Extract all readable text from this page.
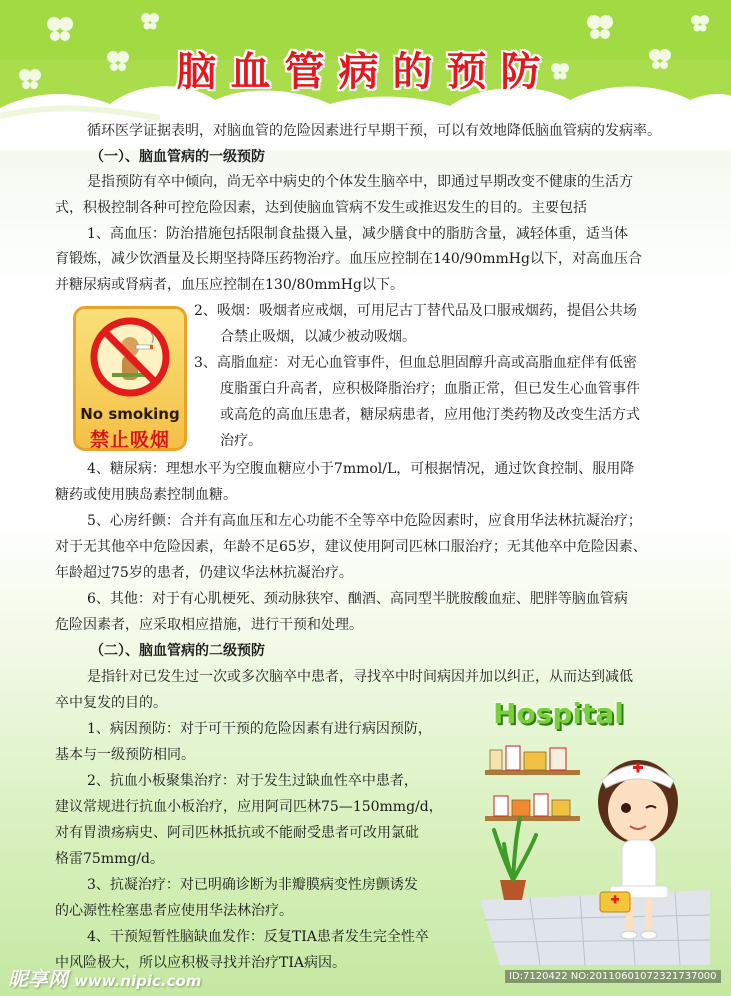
脑血管病的预防
循环医学证据表明，对脑血管的危险因素进行早期干预，可以有效地降低脑血管病的发病率。
（一）、脑血管病的一级预防
是指预防有卒中倾向，尚无卒中病史的个体发生脑卒中，即通过早期改变不健康的生活方
式，积极控制各种可控危险因素，达到使脑血管病不发生或推迟发生的目的。主要包括
1、高血压：防治措施包括限制食盐摄入量，减少膳食中的脂肪含量，减轻体重，适当体
育锻炼，减少饮酒量及长期坚持降压药物治疗。血压应控制在140/90mmHg以下，对高血压合
并糖尿病或肾病者，血压应控制在130/80mmHg以下。
No smoking
禁止吸烟
2、吸烟：吸烟者应戒烟，可用尼古丁替代品及口服戒烟药，提倡公共场
合禁止吸烟，以减少被动吸烟。
3、高脂血症：对无心血管事件，但血总胆固醇升高或高脂血症伴有低密
度脂蛋白升高者，应积极降脂治疗；血脂正常，但已发生心血管事件
或高危的高血压患者，糖尿病患者，应用他汀类药物及改变生活方式
治疗。
4、糖尿病：理想水平为空腹血糖应小于7mmol/L，可根据情况，通过饮食控制、服用降
糖药或使用胰岛素控制血糖。
5、心房纤颤：合并有高血压和左心功能不全等卒中危险因素时，应食用华法林抗凝治疗；
对于无其他卒中危险因素，年龄不足65岁，建议使用阿司匹林口服治疗；无其他卒中危险因素、
年龄超过75岁的患者，仍建议华法林抗凝治疗。
6、其他：对于有心肌梗死、颈动脉狭窄、酗酒、高同型半胱胺酸血症、肥胖等脑血管病
危险因素者，应采取相应措施，进行干预和处理。
（二）、脑血管病的二级预防
是指针对已发生过一次或多次脑卒中患者，寻找卒中时间病因并加以纠正，从而达到减低
卒中复发的目的。
1、病因预防：对于可干预的危险因素有进行病因预防，
基本与一级预防相同。
2、抗血小板聚集治疗：对于发生过缺血性卒中患者，
建议常规进行抗血小板治疗，应用阿司匹林75—150mmg/d，
对有胃溃疡病史、阿司匹林抵抗或不能耐受患者可改用氯砒
格雷75mmg/d。
3、抗凝治疗：对已明确诊断为非瓣膜病变性房颤诱发
的心源性栓塞患者应使用华法林治疗。
4、干预短暂性脑缺血发作：反复TIA患者发生完全性卒
中风险极大，所以应积极寻找并治疗TIA病因。
Hospital
昵享网 www.nipic.com	ID:7120422 NO:20110601072321737000
